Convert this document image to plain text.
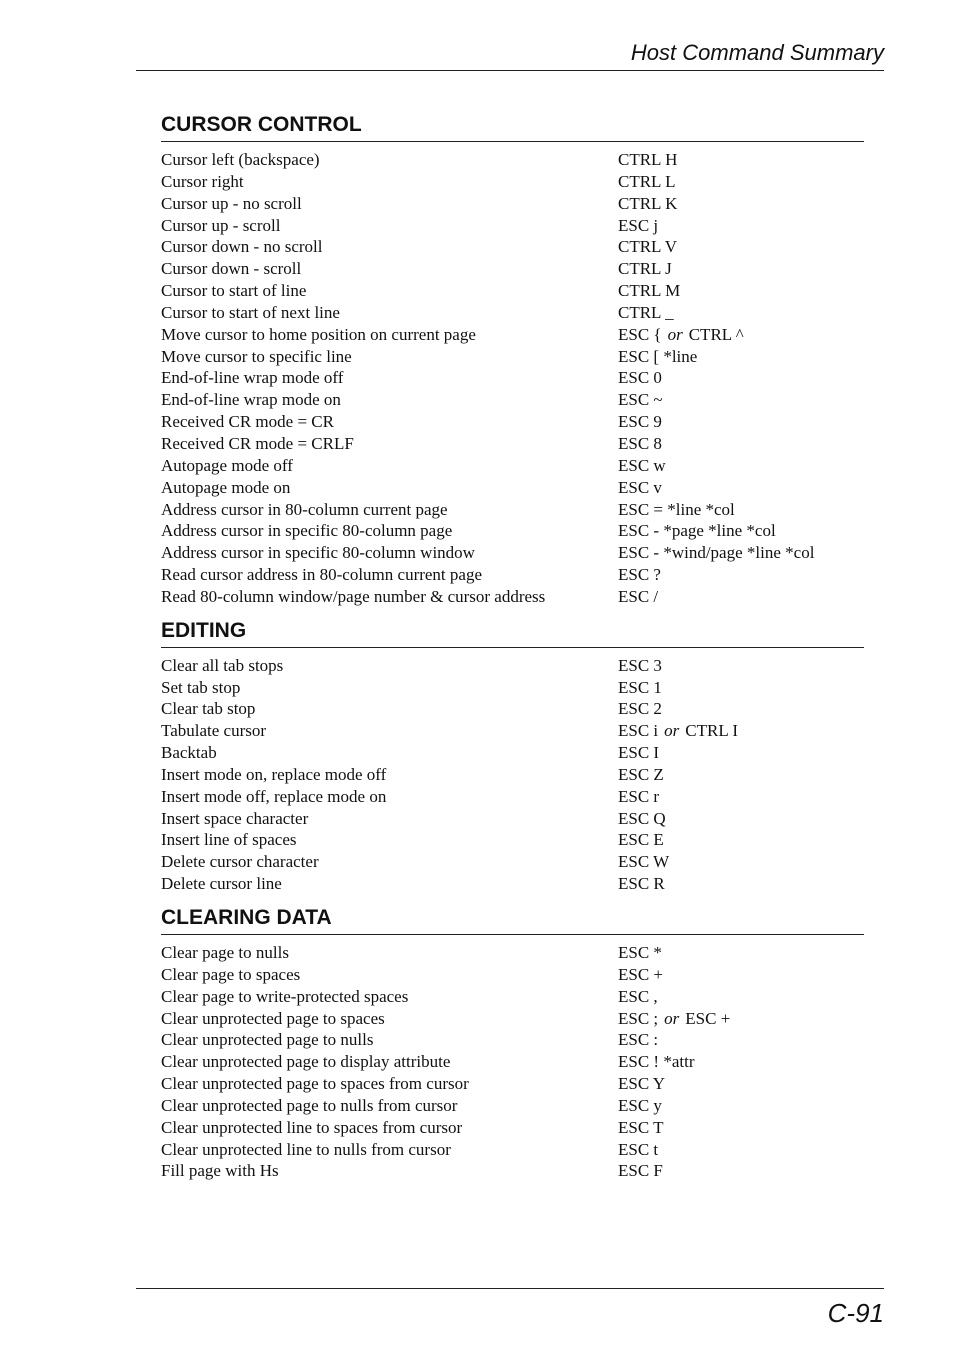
Host Command Summary
CURSOR CONTROL
Cursor left (backspace)	CTRL H
Cursor right	CTRL L
Cursor up - no scroll	CTRL K
Cursor up - scroll	ESC j
Cursor down - no scroll	CTRL V
Cursor down - scroll	CTRL J
Cursor to start of line	CTRL M
Cursor to start of next line	CTRL _
Move cursor to home position on current page	ESC { or CTRL ^
Move cursor to specific line	ESC [ *line
End-of-line wrap mode off	ESC 0
End-of-line wrap mode on	ESC ~
Received CR mode = CR	ESC 9
Received CR mode = CRLF	ESC 8
Autopage mode off	ESC w
Autopage mode on	ESC v
Address cursor in 80-column current page	ESC = *line *col
Address cursor in specific 80-column page	ESC - *page *line *col
Address cursor in specific 80-column window	ESC - *wind/page *line *col
Read cursor address in 80-column current page	ESC ?
Read 80-column window/page number & cursor address	ESC /
EDITING
Clear all tab stops	ESC 3
Set tab stop	ESC 1
Clear tab stop	ESC 2
Tabulate cursor	ESC i or CTRL I
Backtab	ESC I
Insert mode on, replace mode off	ESC Z
Insert mode off, replace mode on	ESC r
Insert space character	ESC Q
Insert line of spaces	ESC E
Delete cursor character	ESC W
Delete cursor line	ESC R
CLEARING DATA
Clear page to nulls	ESC *
Clear page to spaces	ESC +
Clear page to write-protected spaces	ESC ,
Clear unprotected page to spaces	ESC ; or ESC +
Clear unprotected page to nulls	ESC :
Clear unprotected page to display attribute	ESC ! *attr
Clear unprotected page to spaces from cursor	ESC Y
Clear unprotected page to nulls from cursor	ESC y
Clear unprotected line to spaces from cursor	ESC T
Clear unprotected line to nulls from cursor	ESC t
Fill page with Hs	ESC F
C-91
